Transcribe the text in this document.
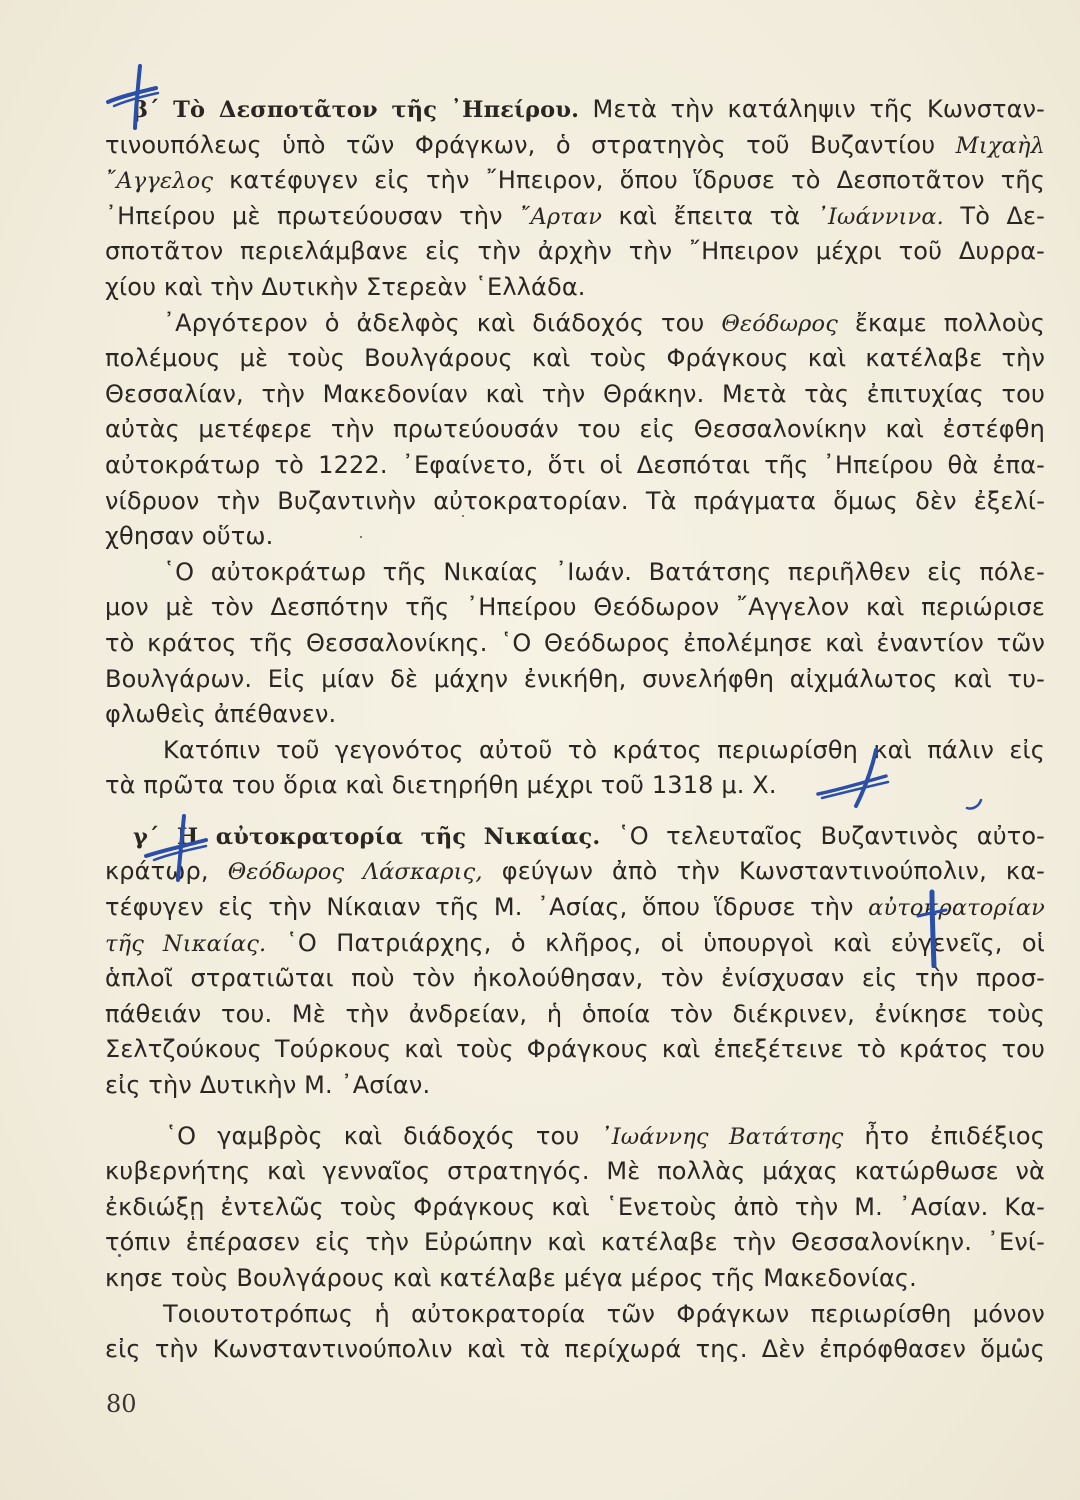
β΄ Τὸ Δεσποτᾶτον τῆς ᾿Ηπείρου. Μετὰ τὴν κατάληψιν τῆς Κωνσταν-
τινουπόλεως ὑπὸ τῶν Φράγκων, ὁ στρατηγὸς τοῦ Βυζαντίου Μιχαὴλ
῎Αγγελος κατέφυγεν εἰς τὴν ῎Ηπειρον, ὅπου ἵδρυσε τὸ Δεσποτᾶτον τῆς
᾿Ηπείρου μὲ πρωτεύουσαν τὴν ῎Αρταν καὶ ἔπειτα τὰ ᾿Ιωάννινα. Τὸ Δε-
σποτᾶτον περιελάμβανε εἰς τὴν ἀρχὴν τὴν ῎Ηπειρον μέχρι τοῦ Δυρρα-
χίου καὶ τὴν Δυτικὴν Στερεὰν ῾Ελλάδα.
᾿Αργότερον ὁ ἀδελφὸς καὶ διάδοχός του Θεόδωρος ἔκαμε πολλοὺς
πολέμους μὲ τοὺς Βουλγάρους καὶ τοὺς Φράγκους καὶ κατέλαβε τὴν
Θεσσαλίαν, τὴν Μακεδονίαν καὶ τὴν Θράκην. Μετὰ τὰς ἐπιτυχίας του
αὐτὰς μετέφερε τὴν πρωτεύουσάν του εἰς Θεσσαλονίκην καὶ ἐστέφθη
αὐτοκράτωρ τὸ 1222. ᾿Εφαίνετο, ὅτι οἱ Δεσπόται τῆς ᾿Ηπείρου θὰ ἐπα-
νίδρυον τὴν Βυζαντινὴν αὐτοκρατορίαν. Τὰ πράγματα ὅμως δὲν ἐξελί-
χθησαν οὕτω.
῾Ο αὐτοκράτωρ τῆς Νικαίας ᾿Ιωάν. Βατάτσης περιῆλθεν εἰς πόλε-
μον μὲ τὸν Δεσπότην τῆς ᾿Ηπείρου Θεόδωρον ῎Αγγελον καὶ περιώρισε
τὸ κράτος τῆς Θεσσαλονίκης. ῾Ο Θεόδωρος ἐπολέμησε καὶ ἐναντίον τῶν
Βουλγάρων. Εἰς μίαν δὲ μάχην ἐνικήθη, συνελήφθη αἰχμάλωτος καὶ τυ-
φλωθεὶς ἀπέθανεν.
Κατόπιν τοῦ γεγονότος αὐτοῦ τὸ κράτος περιωρίσθη καὶ πάλιν εἰς
τὰ πρῶτα του ὅρια καὶ διετηρήθη μέχρι τοῦ 1318 μ. Χ.
γ΄ Η αὐτοκρατορία τῆς Νικαίας. ῾Ο τελευταῖος Βυζαντινὸς αὐτο-
κράτωρ, Θεόδωρος Λάσκαρις, φεύγων ἀπὸ τὴν Κωνσταντινούπολιν, κα-
τέφυγεν εἰς τὴν Νίκαιαν τῆς Μ. ᾿Ασίας, ὅπου ἵδρυσε τὴν αὐτοκρατορίαν
τῆς Νικαίας. ῾Ο Πατριάρχης, ὁ κλῆρος, οἱ ὑπουργοὶ καὶ εὐγενεῖς, οἱ
ἁπλοῖ στρατιῶται ποὺ τὸν ἠκολούθησαν, τὸν ἐνίσχυσαν εἰς τὴν προσ-
πάθειάν του. Μὲ τὴν ἀνδρείαν, ἡ ὁποία τὸν διέκρινεν, ἐνίκησε τοὺς
Σελτζούκους Τούρκους καὶ τοὺς Φράγκους καὶ ἐπεξέτεινε τὸ κράτος του
εἰς τὴν Δυτικὴν Μ. ᾿Ασίαν.
῾Ο γαμβρὸς καὶ διάδοχός του ᾿Ιωάννης Βατάτσης ἦτο ἐπιδέξιος
κυβερνήτης καὶ γενναῖος στρατηγός. Μὲ πολλὰς μάχας κατώρθωσε νὰ
ἐκδιώξῃ ἐντελῶς τοὺς Φράγκους καὶ ῾Ενετοὺς ἀπὸ τὴν Μ. ᾿Ασίαν. Κα-
τόπιν ἐπέρασεν εἰς τὴν Εὐρώπην καὶ κατέλαβε τὴν Θεσσαλονίκην. ᾿Ενί-
κησε τοὺς Βουλγάρους καὶ κατέλαβε μέγα μέρος τῆς Μακεδονίας.
Τοιουτοτρόπως ἡ αὐτοκρατορία τῶν Φράγκων περιωρίσθη μόνον
εἰς τὴν Κωνσταντινούπολιν καὶ τὰ περίχωρά της. Δὲν ἐπρόφθασεν ὅμως
80
